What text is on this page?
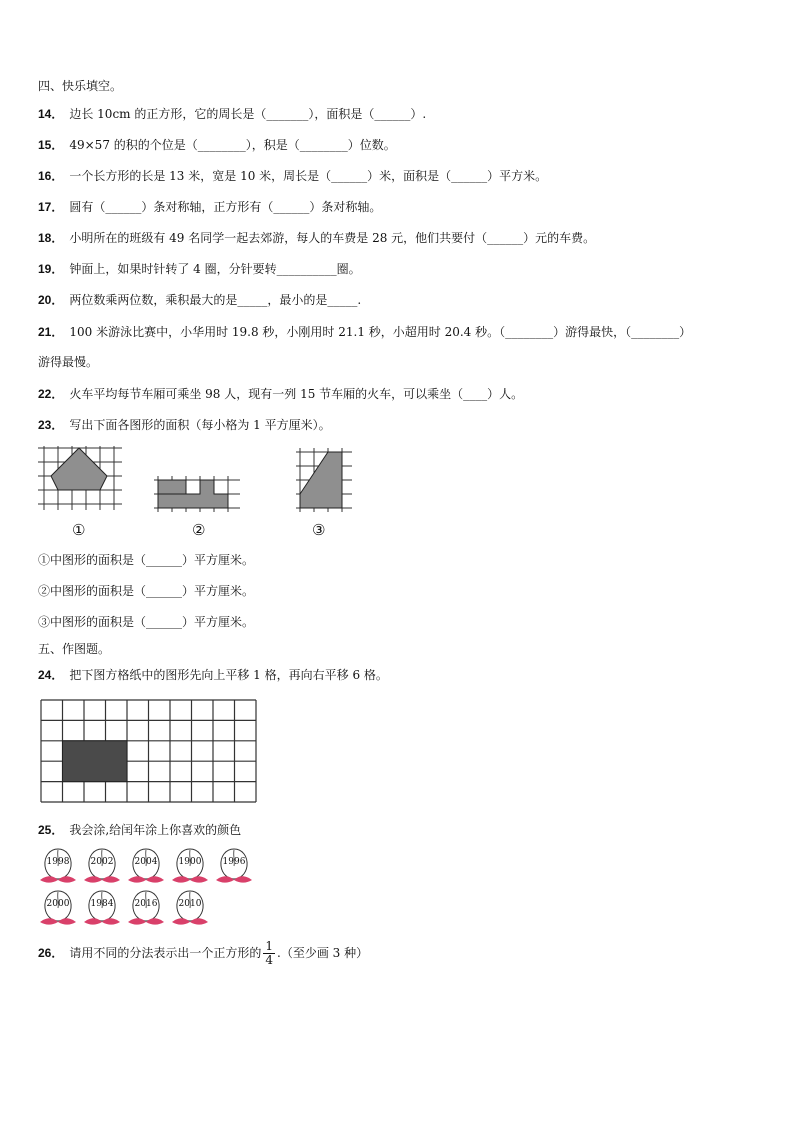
四、快乐填空。
14． 边长 10cm 的正方形，它的周长是（_______），面积是（______）.
15． 49×57 的积的个位是（________），积是（________）位数。
16． 一个长方形的长是 13 米，宽是 10 米，周长是（______）米，面积是（______）平方米。
17． 圆有（______）条对称轴，正方形有（______）条对称轴。
18． 小明所在的班级有 49 名同学一起去郊游，每人的车费是 28 元，他们共要付（______）元的车费。
19． 钟面上，如果时针转了 4 圈，分针要转__________圈。
20． 两位数乘两位数，乘积最大的是_____，最小的是_____.
21． 100 米游泳比赛中，小华用时 19.8 秒，小刚用时 21.1 秒，小超用时 20.4 秒。（________）游得最快，（________）
游得最慢。
22． 火车平均每节车厢可乘坐 98 人，现有一列 15 节车厢的火车，可以乘坐（____）人。
23． 写出下面各图形的面积（每小格为 1 平方厘米）。
①	②	③
①中图形的面积是（______）平方厘米。
②中图形的面积是（______）平方厘米。
③中图形的面积是（______）平方厘米。
五、作图题。
24． 把下图方格纸中的图形先向上平移 1 格，再向右平移 6 格。
25． 我会涂,给闰年涂上你喜欢的颜色
1998	2002	2004	1900	1996
2000	1984	2016	2010
26． 请用不同的分法表示出一个正方形的 $\frac{1}{4}$ .（至少画 3 种）
